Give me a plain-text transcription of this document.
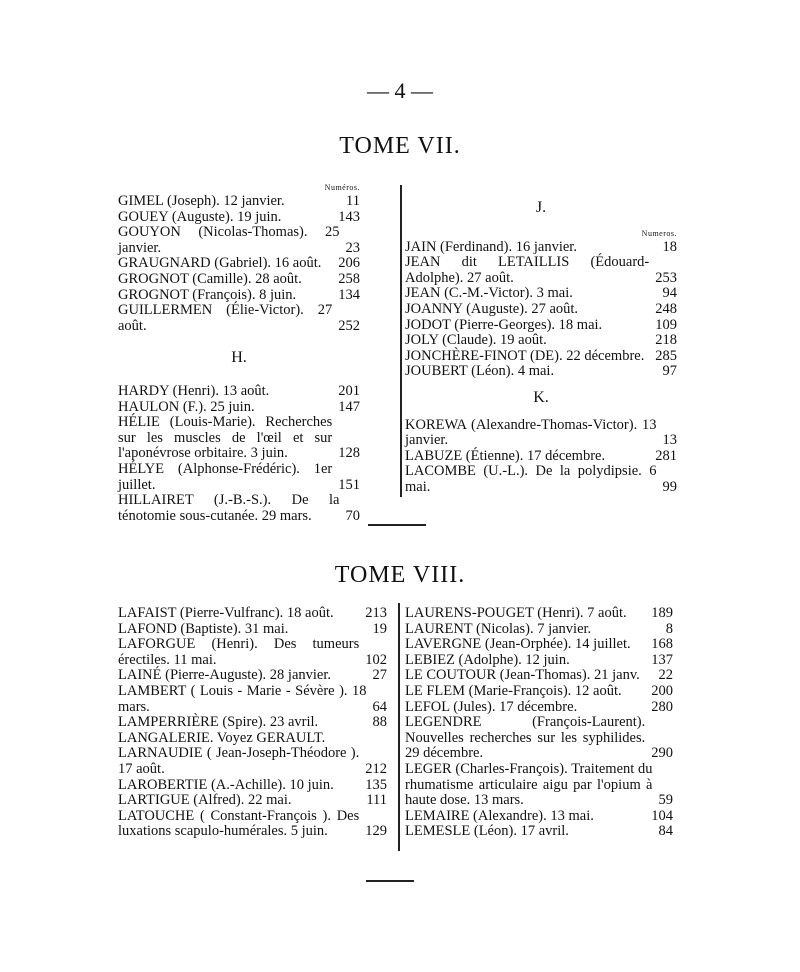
— 4 —
TOME VII.
Numéros.
GIMEL (Joseph). 12 janvier.	11
GOUEY (Auguste). 19 juin.	143
GOUYON (Nicolas-Thomas). 25 janvier.	23
GRAUGNARD (Gabriel). 16 août.	206
GROGNOT (Camille). 28 août.	258
GROGNOT (François). 8 juin.	134
GUILLERMEN (Élie-Victor). 27 août.	252
H.
HARDY (Henri). 13 août.	201
HAULON (F.). 25 juin.	147
HÉLIE (Louis-Marie). Recherches sur les muscles de l'œil et sur l'aponévrose orbitaire. 3 juin.	128
HÉLYE (Alphonse-Frédéric). 1er juillet.	151
HILLAIRET (J.-B.-S.). De la ténotomie sous-cutanée. 29 mars.	70
J.
Numeros.
JAIN (Ferdinand). 16 janvier.	18
JEAN dit LETAILLIS (Édouard-Adolphe). 27 août.	253
JEAN (C.-M.-Victor). 3 mai.	94
JOANNY (Auguste). 27 août.	248
JODOT (Pierre-Georges). 18 mai.	109
JOLY (Claude). 19 août.	218
JONCHÈRE-FINOT (DE). 22 décembre. 285
JOUBERT (Léon). 4 mai.	97
K.
KOREWA (Alexandre-Thomas-Victor). 13 janvier.	13
LABUZE (Étienne). 17 décembre.	281
LACOMBE (U.-L.). De la polydipsie. 6 mai.	99
TOME VIII.
LAFAIST (Pierre-Vulfranc). 18 août.	213
LAFOND (Baptiste). 31 mai.	19
LAFORGUE (Henri). Des tumeurs érectiles. 11 mai.	102
LAINÉ (Pierre-Auguste). 28 janvier.	27
LAMBERT ( Louis - Marie - Sévère ). 18 mars.	64
LAMPERRIÈRE (Spire). 23 avril.	88
LANGALERIE. Voyez GERAULT.
LARNAUDIE ( Jean-Joseph-Théodore ). 17 août.	212
LAROBERTIE (A.-Achille). 10 juin.	135
LARTIGUE (Alfred). 22 mai.	111
LATOUCHE ( Constant-François ). Des luxations scapulo-humérales. 5 juin.	129
LAURENS-POUGET (Henri). 7 août.	189
LAURENT (Nicolas). 7 janvier.	8
LAVERGNE (Jean-Orphée). 14 juillet.	168
LEBIEZ (Adolphe). 12 juin.	137
LE COUTOUR (Jean-Thomas). 21 janv.	22
LE FLEM (Marie-François). 12 août.	200
LEFOL (Jules). 17 décembre.	280
LEGENDRE (François-Laurent). Nouvelles recherches sur les syphilides. 29 décembre.	290
LEGER (Charles-François). Traitement du rhumatisme articulaire aigu par l'opium à haute dose. 13 mars.	59
LEMAIRE (Alexandre). 13 mai.	104
LEMESLE (Léon). 17 avril.	84
